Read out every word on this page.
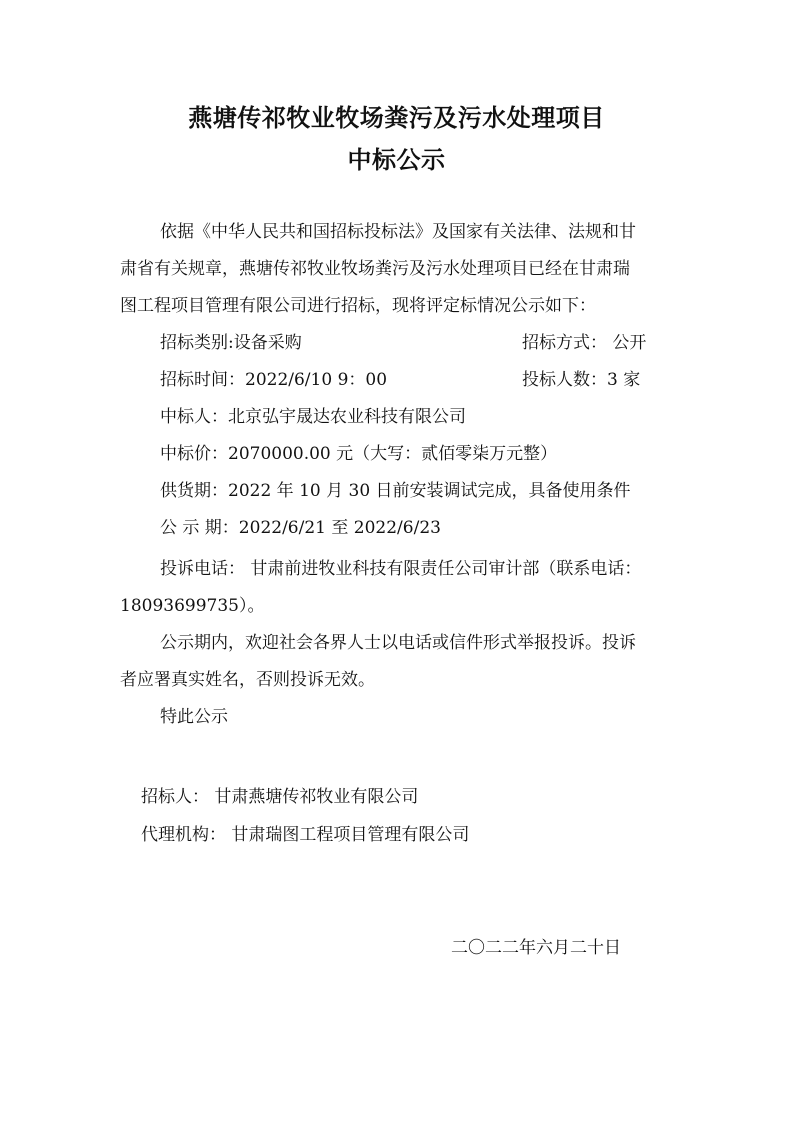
燕塘传祁牧业牧场粪污及污水处理项目
中标公示
依据《中华人民共和国招标投标法》及国家有关法律、法规和甘
肃省有关规章，燕塘传祁牧业牧场粪污及污水处理项目已经在甘肃瑞
图工程项目管理有限公司进行招标，现将评定标情况公示如下：
招标类别:设备采购	招标方式： 公开
招标时间：2022/6/10 9：00	投标人数：3 家
中标人：北京弘宇晟达农业科技有限公司
中标价：2070000.00 元（大写：贰佰零柒万元整）
供货期：2022 年 10 月 30 日前安装调试完成，具备使用条件
公 示 期：2022/6/21 至 2022/6/23
投诉电话： 甘肃前进牧业科技有限责任公司审计部（联系电话：
18093699735）。
公示期内，欢迎社会各界人士以电话或信件形式举报投诉。投诉
者应署真实姓名，否则投诉无效。
特此公示
招标人： 甘肃燕塘传祁牧业有限公司
代理机构： 甘肃瑞图工程项目管理有限公司
二〇二二年六月二十日
